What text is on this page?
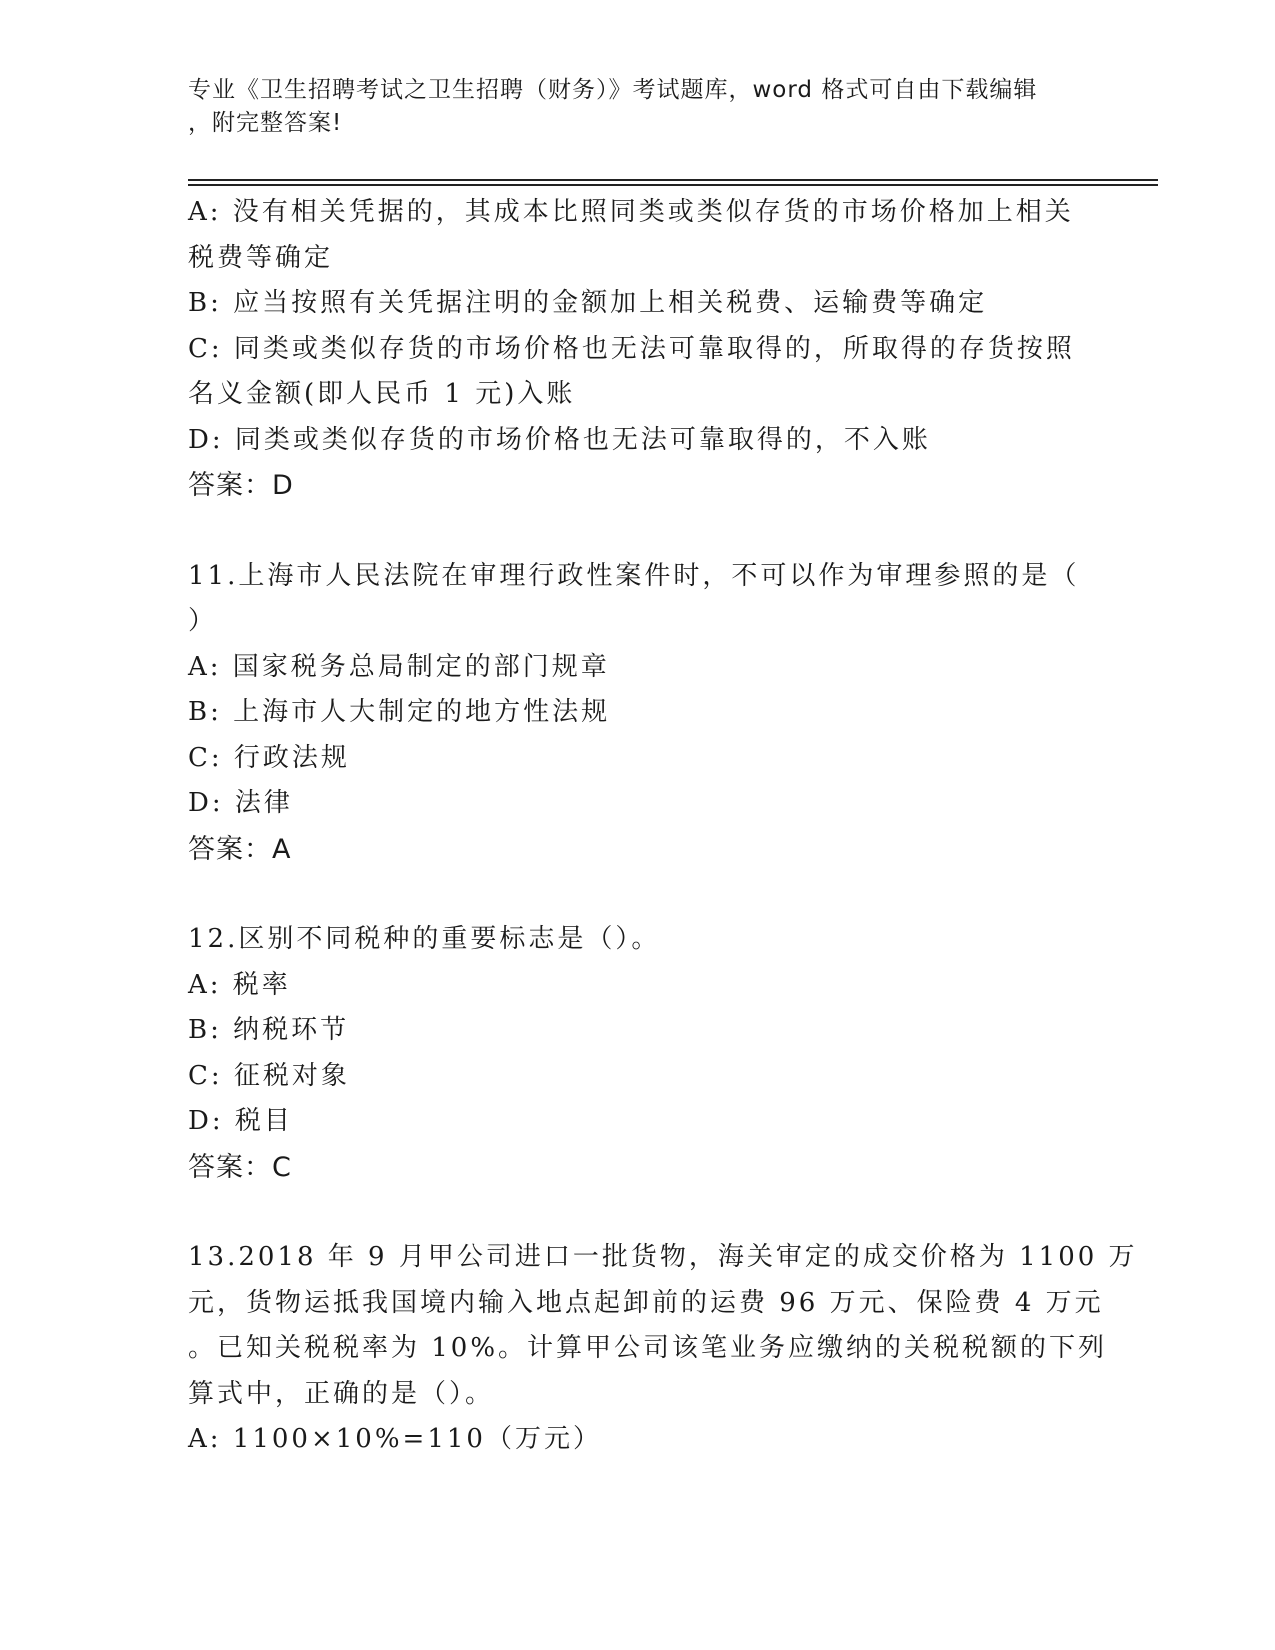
专业《卫生招聘考试之卫生招聘（财务）》考试题库，word 格式可自由下载编辑
，附完整答案!
A: 没有相关凭据的，其成本比照同类或类似存货的市场价格加上相关
税费等确定
B: 应当按照有关凭据注明的金额加上相关税费、运输费等确定
C: 同类或类似存货的市场价格也无法可靠取得的，所取得的存货按照
名义金额(即人民币 1 元)入账
D: 同类或类似存货的市场价格也无法可靠取得的，不入账
答案：D
11.上海市人民法院在审理行政性案件时，不可以作为审理参照的是（
）
A: 国家税务总局制定的部门规章
B: 上海市人大制定的地方性法规
C: 行政法规
D: 法律
答案：A
12.区别不同税种的重要标志是（）。
A: 税率
B: 纳税环节
C: 征税对象
D: 税目
答案：C
13.2018 年 9 月甲公司进口一批货物，海关审定的成交价格为 1100 万
元，货物运抵我国境内输入地点起卸前的运费 96 万元、保险费 4 万元
。已知关税税率为 10%。计算甲公司该笔业务应缴纳的关税税额的下列
算式中，正确的是（）。
A: 1100×10%=110（万元）
